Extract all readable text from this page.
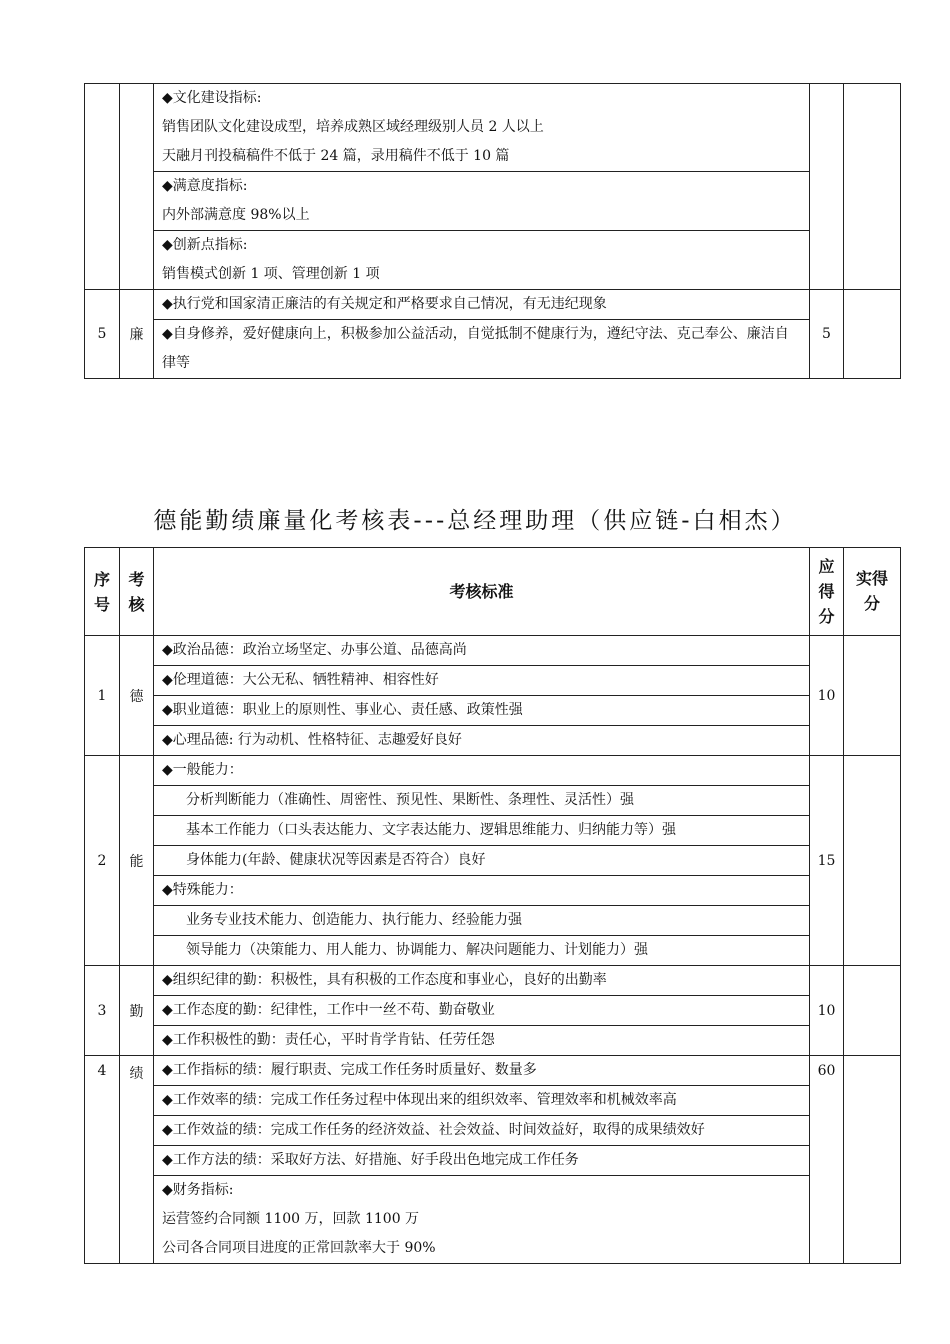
		◆文化建设指标:
销售团队文化建设成型，培养成熟区域经理级别人员 2 人以上
天融月刊投稿稿件不低于 24 篇，录用稿件不低于 10 篇		

		◆满意度指标:
内外部满意度 98%以上		

		◆创新点指标:
销售模式创新 1 项、管理创新 1 项		

5	廉	◆执行党和国家清正廉洁的有关规定和严格要求自己情况，有无违纪现象	5	

		◆自身修养，爱好健康向上，积极参加公益活动，自觉抵制不健康行为，遵纪守法、克己奉公、廉洁自律等		
德能勤绩廉量化考核表---总经理助理（供应链-白相杰）
序号	考核	考核标准	应得分	实得分

1	德	◆政治品德：政治立场坚定、办事公道、品德高尚	10	

		◆伦理道德：大公无私、牺牲精神、相容性好		

		◆职业道德：职业上的原则性、事业心、责任感、政策性强		

		◆心理品德: 行为动机、性格特征、志趣爱好良好		

2	能	◆一般能力：	15	

		分析判断能力（准确性、周密性、预见性、果断性、条理性、灵活性）强		

		基本工作能力（口头表达能力、文字表达能力、逻辑思维能力、归纳能力等）强		

		身体能力(年龄、健康状况等因素是否符合）良好		

		◆特殊能力：		

		业务专业技术能力、创造能力、执行能力、经验能力强		

		领导能力（决策能力、用人能力、协调能力、解决问题能力、计划能力）强		

3	勤	◆组织纪律的勤：积极性，具有积极的工作态度和事业心，良好的出勤率	10	

		◆工作态度的勤：纪律性，工作中一丝不苟、勤奋敬业		

		◆工作积极性的勤：责任心，平时肯学肯钻、任劳任怨		

4	绩	◆工作指标的绩：履行职责、完成工作任务时质量好、数量多	60	

		◆工作效率的绩：完成工作任务过程中体现出来的组织效率、管理效率和机械效率高		

		◆工作效益的绩：完成工作任务的经济效益、社会效益、时间效益好，取得的成果绩效好		

		◆工作方法的绩：采取好方法、好措施、好手段出色地完成工作任务		

		◆财务指标:
运营签约合同额 1100 万，回款 1100 万
公司各合同项目进度的正常回款率大于 90%		
